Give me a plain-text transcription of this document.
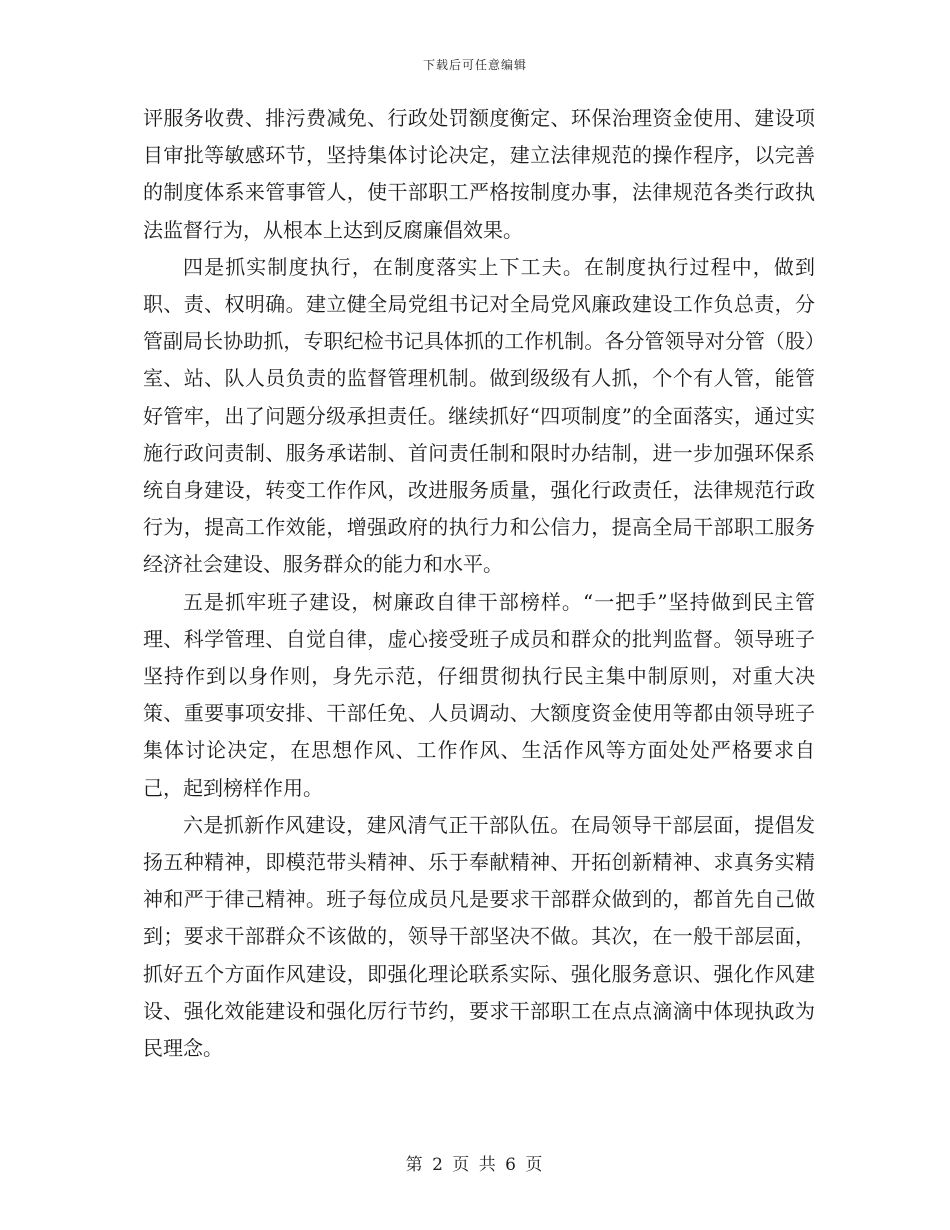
下载后可任意编辑

评服务收费、排污费减免、行政处罚额度衡定、环保治理资金使用、建设项目审批等敏感环节，坚持集体讨论决定，建立法律规范的操作程序，以完善的制度体系来管事管人，使干部职工严格按制度办事，法律规范各类行政执法监督行为，从根本上达到反腐廉倡效果。

四是抓实制度执行，在制度落实上下工夫。在制度执行过程中，做到职、责、权明确。建立健全局党组书记对全局党风廉政建设工作负总责，分管副局长协助抓，专职纪检书记具体抓的工作机制。各分管领导对分管（股）室、站、队人员负责的监督管理机制。做到级级有人抓，个个有人管，能管好管牢，出了问题分级承担责任。继续抓好“四项制度”的全面落实，通过实施行政问责制、服务承诺制、首问责任制和限时办结制，进一步加强环保系统自身建设，转变工作作风，改进服务质量，强化行政责任，法律规范行政行为，提高工作效能，增强政府的执行力和公信力，提高全局干部职工服务经济社会建设、服务群众的能力和水平。

五是抓牢班子建设，树廉政自律干部榜样。“一把手”坚持做到民主管理、科学管理、自觉自律，虚心接受班子成员和群众的批判监督。领导班子坚持作到以身作则，身先示范，仔细贯彻执行民主集中制原则，对重大决策、重要事项安排、干部任免、人员调动、大额度资金使用等都由领导班子集体讨论决定，在思想作风、工作作风、生活作风等方面处处严格要求自己，起到榜样作用。

六是抓新作风建设，建风清气正干部队伍。在局领导干部层面，提倡发扬五种精神，即模范带头精神、乐于奉献精神、开拓创新精神、求真务实精神和严于律己精神。班子每位成员凡是要求干部群众做到的，都首先自己做到；要求干部群众不该做的，领导干部坚决不做。其次，在一般干部层面，抓好五个方面作风建设，即强化理论联系实际、强化服务意识、强化作风建设、强化效能建设和强化厉行节约，要求干部职工在点点滴滴中体现执政为民理念。

第 2 页 共 6 页
